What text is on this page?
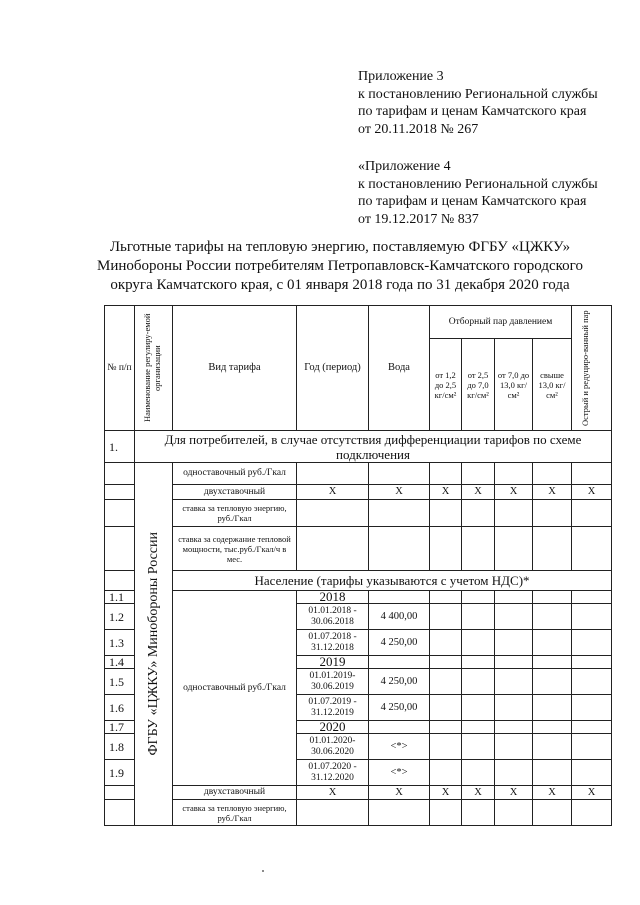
Приложение 3
к постановлению Региональной службы
по тарифам и ценам Камчатского края
от 20.11.2018 № 267
«Приложение 4
к постановлению Региональной службы
по тарифам и ценам Камчатского края
от 19.12.2017 № 837
Льготные тарифы на тепловую энергию, поставляемую ФГБУ «ЦЖКУ»
Минобороны России потребителям Петропавловск-Камчатского городского
округа Камчатского края, с 01 января 2018 года по 31 декабря 2020 года
№ п/п	Наименование регулиру-емой организации	Вид тарифа	Год (период)	Вода	Отборный пар давлением				Острый и редуциро-ванный пар

					от 1,2 до 2,5 кг/см²	от 2,5 до 7,0 кг/см²	от 7,0 до 13,0 кг/см²	свыше 13,0 кг/см²	
1.	Для потребителей, в случае отсутствия дифференциации тарифов по схеме подключения								

	ФГБУ «ЦЖКУ» Минобороны России	одноставочный руб./Гкал							
		двухставочный	X	X	X	X	X	X	X
		ставка за тепловую энергию, руб./Гкал							
		ставка за содержание тепловой мощности, тыс.руб./Гкал/ч в мес.							
		Население (тарифы указываются с учетом НДС)*							
1.1		одноставочный руб./Гкал	2018						
1.2			01.01.2018 - 30.06.2018	4 400,00					
1.3			01.07.2018 - 31.12.2018	4 250,00					
1.4			2019						
1.5			01.01.2019- 30.06.2019	4 250,00					
1.6			01.07.2019 - 31.12.2019	4 250,00					
1.7			2020						
1.8			01.01.2020- 30.06.2020	<*>					
1.9			01.07.2020 - 31.12.2020	<*>					
		двухставочный	X	X	X	X	X	X	X
		ставка за тепловую энергию, руб./Гкал							
